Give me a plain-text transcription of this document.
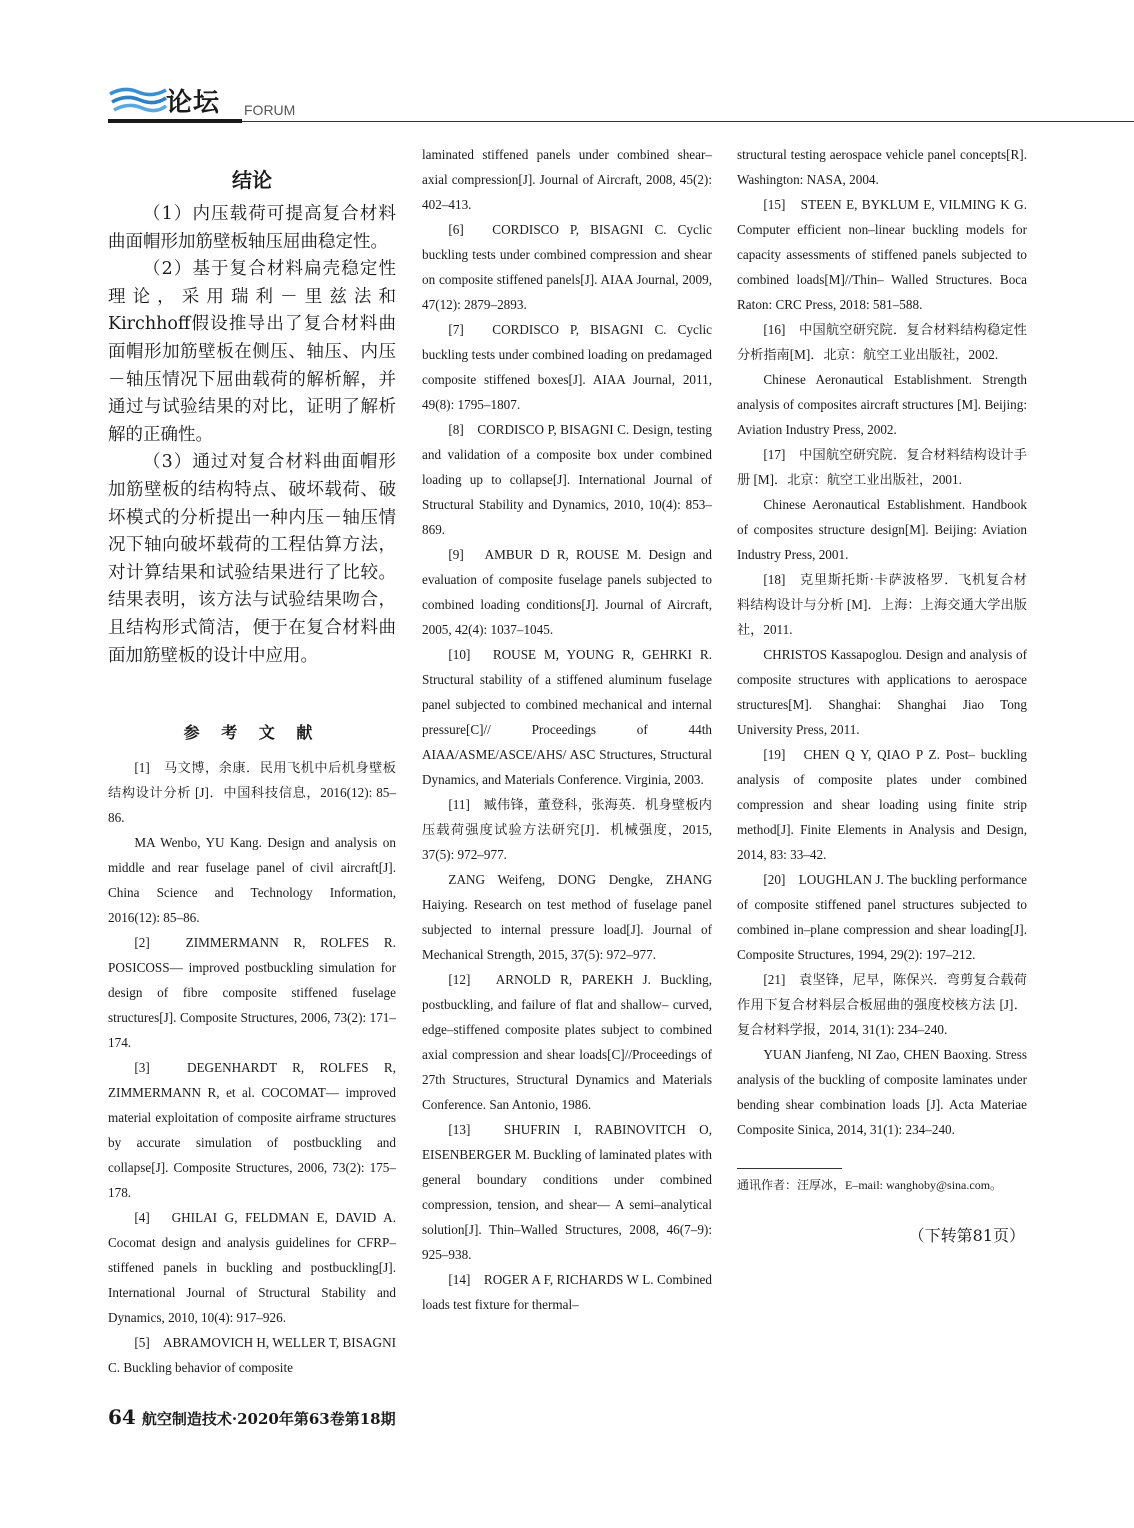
论坛 FORUM
结论

（1）内压载荷可提高复合材料曲面帽形加筋壁板轴压屈曲稳定性。

（2）基于复合材料扁壳稳定性理论，采用瑞利－里兹法和Kirchhoff假设推导出了复合材料曲面帽形加筋壁板在侧压、轴压、内压－轴压情况下屈曲载荷的解析解，并通过与试验结果的对比，证明了解析解的正确性。

（3）通过对复合材料曲面帽形加筋壁板的结构特点、破坏载荷、破坏模式的分析提出一种内压－轴压情况下轴向破坏载荷的工程估算方法，对计算结果和试验结果进行了比较。结果表明，该方法与试验结果吻合，且结构形式简洁，便于在复合材料曲面加筋壁板的设计中应用。

参 考 文 献

[1]　马文博，余康．民用飞机中后机身壁板结构设计分析 [J]．中国科技信息，2016(12): 85–86.

MA Wenbo, YU Kang. Design and analysis on middle and rear fuselage panel of civil aircraft[J]. China Science and Technology Information, 2016(12): 85–86.

[2]　ZIMMERMANN R, ROLFES R. POSICOSS— improved postbuckling simulation for design of fibre composite stiffened fuselage structures[J]. Composite Structures, 2006, 73(2): 171–174.

[3]　DEGENHARDT R, ROLFES R, ZIMMERMANN R, et al. COCOMAT— improved material exploitation of composite airframe structures by accurate simulation of postbuckling and collapse[J]. Composite Structures, 2006, 73(2): 175–178.

[4]　GHILAI G, FELDMAN E, DAVID A. Cocomat design and analysis guidelines for CFRP–stiffened panels in buckling and postbuckling[J]. International Journal of Structural Stability and Dynamics, 2010, 10(4): 917–926.

[5]　ABRAMOVICH H, WELLER T, BISAGNI C. Buckling behavior of composite

laminated stiffened panels under combined shear–axial compression[J]. Journal of Aircraft, 2008, 45(2): 402–413.

[6]　CORDISCO P, BISAGNI C. Cyclic buckling tests under combined compression and shear on composite stiffened panels[J]. AIAA Journal, 2009, 47(12): 2879–2893.

[7]　CORDISCO P, BISAGNI C. Cyclic buckling tests under combined loading on predamaged composite stiffened boxes[J]. AIAA Journal, 2011, 49(8): 1795–1807.

[8]　CORDISCO P, BISAGNI C. Design, testing and validation of a composite box under combined loading up to collapse[J]. International Journal of Structural Stability and Dynamics, 2010, 10(4): 853–869.

[9]　AMBUR D R, ROUSE M. Design and evaluation of composite fuselage panels subjected to combined loading conditions[J]. Journal of Aircraft, 2005, 42(4): 1037–1045.

[10]　ROUSE M, YOUNG R, GEHRKI R. Structural stability of a stiffened aluminum fuselage panel subjected to combined mechanical and internal pressure[C]// Proceedings of 44th AIAA/ASME/ASCE/AHS/ ASC Structures, Structural Dynamics, and Materials Conference. Virginia, 2003.

[11]　臧伟锋，董登科，张海英．机身壁板内压载荷强度试验方法研究[J]．机械强度，2015, 37(5): 972–977.

ZANG Weifeng, DONG Dengke, ZHANG Haiying. Research on test method of fuselage panel subjected to internal pressure load[J]. Journal of Mechanical Strength, 2015, 37(5): 972–977.

[12]　ARNOLD R, PAREKH J. Buckling, postbuckling, and failure of flat and shallow– curved, edge–stiffened composite plates subject to combined axial compression and shear loads[C]//Proceedings of 27th Structures, Structural Dynamics and Materials Conference. San Antonio, 1986.

[13]　SHUFRIN I, RABINOVITCH O, EISENBERGER M. Buckling of laminated plates with general boundary conditions under combined compression, tension, and shear— A semi–analytical solution[J]. Thin–Walled Structures, 2008, 46(7–9): 925–938.

[14]　ROGER A F, RICHARDS W L. Combined loads test fixture for thermal–

structural testing aerospace vehicle panel concepts[R]. Washington: NASA, 2004.

[15]　STEEN E, BYKLUM E, VILMING K G. Computer efficient non–linear buckling models for capacity assessments of stiffened panels subjected to combined loads[M]//Thin– Walled Structures. Boca Raton: CRC Press, 2018: 581–588.

[16]　中国航空研究院．复合材料结构稳定性分析指南[M]．北京：航空工业出版社，2002.

Chinese Aeronautical Establishment. Strength analysis of composites aircraft structures [M]. Beijing: Aviation Industry Press, 2002.

[17]　中国航空研究院．复合材料结构设计手册 [M]．北京：航空工业出版社，2001.

Chinese Aeronautical Establishment. Handbook of composites structure design[M]. Beijing: Aviation Industry Press, 2001.

[18]　克里斯托斯·卡萨波格罗．飞机复合材料结构设计与分析 [M]．上海：上海交通大学出版社，2011.

CHRISTOS Kassapoglou. Design and analysis of composite structures with applications to aerospace structures[M]. Shanghai: Shanghai Jiao Tong University Press, 2011.

[19]　CHEN Q Y, QIAO P Z. Post– buckling analysis of composite plates under combined compression and shear loading using finite strip method[J]. Finite Elements in Analysis and Design, 2014, 83: 33–42.

[20]　LOUGHLAN J. The buckling performance of composite stiffened panel structures subjected to combined in–plane compression and shear loading[J]. Composite Structures, 1994, 29(2): 197–212.

[21]　袁坚锋，尼早，陈保兴．弯剪复合载荷作用下复合材料层合板屈曲的强度校核方法 [J]．复合材料学报，2014, 31(1): 234–240.

YUAN Jianfeng, NI Zao, CHEN Baoxing. Stress analysis of the buckling of composite laminates under bending shear combination loads [J]. Acta Materiae Composite Sinica, 2014, 31(1): 234–240.

通讯作者：汪厚冰，E–mail: wanghoby@sina.com。
（下转第81页）
64 航空制造技术·2020年第63卷第18期
